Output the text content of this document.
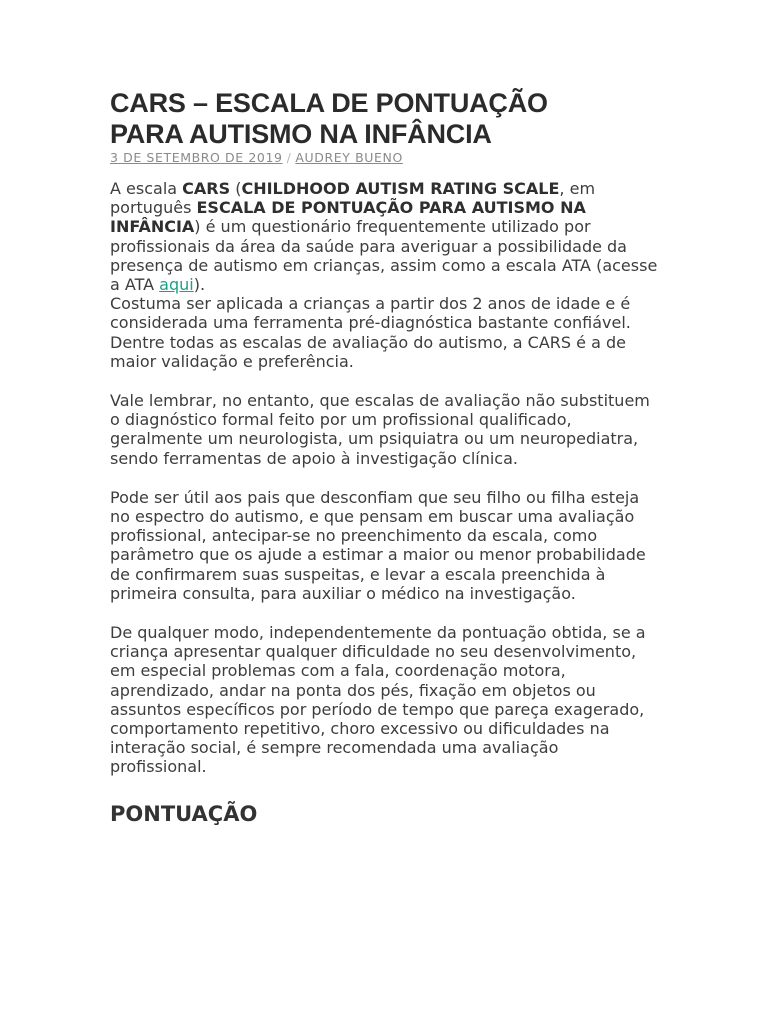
CARS – ESCALA DE PONTUAÇÃO
PARA AUTISMO NA INFÂNCIA
3 DE SETEMBRO DE 2019 / AUDREY BUENO

A escala CARS (CHILDHOOD AUTISM RATING SCALE, em português ESCALA DE PONTUAÇÃO PARA AUTISMO NA INFÂNCIA) é um questionário frequentemente utilizado por profissionais da área da saúde para averiguar a possibilidade da presença de autismo em crianças, assim como a escala ATA (acesse a ATA aqui).
Costuma ser aplicada a crianças a partir dos 2 anos de idade e é considerada uma ferramenta pré-diagnóstica bastante confiável. Dentre todas as escalas de avaliação do autismo, a CARS é a de maior validação e preferência.

Vale lembrar, no entanto, que escalas de avaliação não substituem o diagnóstico formal feito por um profissional qualificado, geralmente um neurologista, um psiquiatra ou um neuropediatra, sendo ferramentas de apoio à investigação clínica.

Pode ser útil aos pais que desconfiam que seu filho ou filha esteja no espectro do autismo, e que pensam em buscar uma avaliação profissional, antecipar-se no preenchimento da escala, como parâmetro que os ajude a estimar a maior ou menor probabilidade de confirmarem suas suspeitas, e levar a escala preenchida à primeira consulta, para auxiliar o médico na investigação.

De qualquer modo, independentemente da pontuação obtida, se a criança apresentar qualquer dificuldade no seu desenvolvimento, em especial problemas com a fala, coordenação motora, aprendizado, andar na ponta dos pés, fixação em objetos ou assuntos específicos por período de tempo que pareça exagerado, comportamento repetitivo, choro excessivo ou dificuldades na interação social, é sempre recomendada uma avaliação profissional.

PONTUAÇÃO
